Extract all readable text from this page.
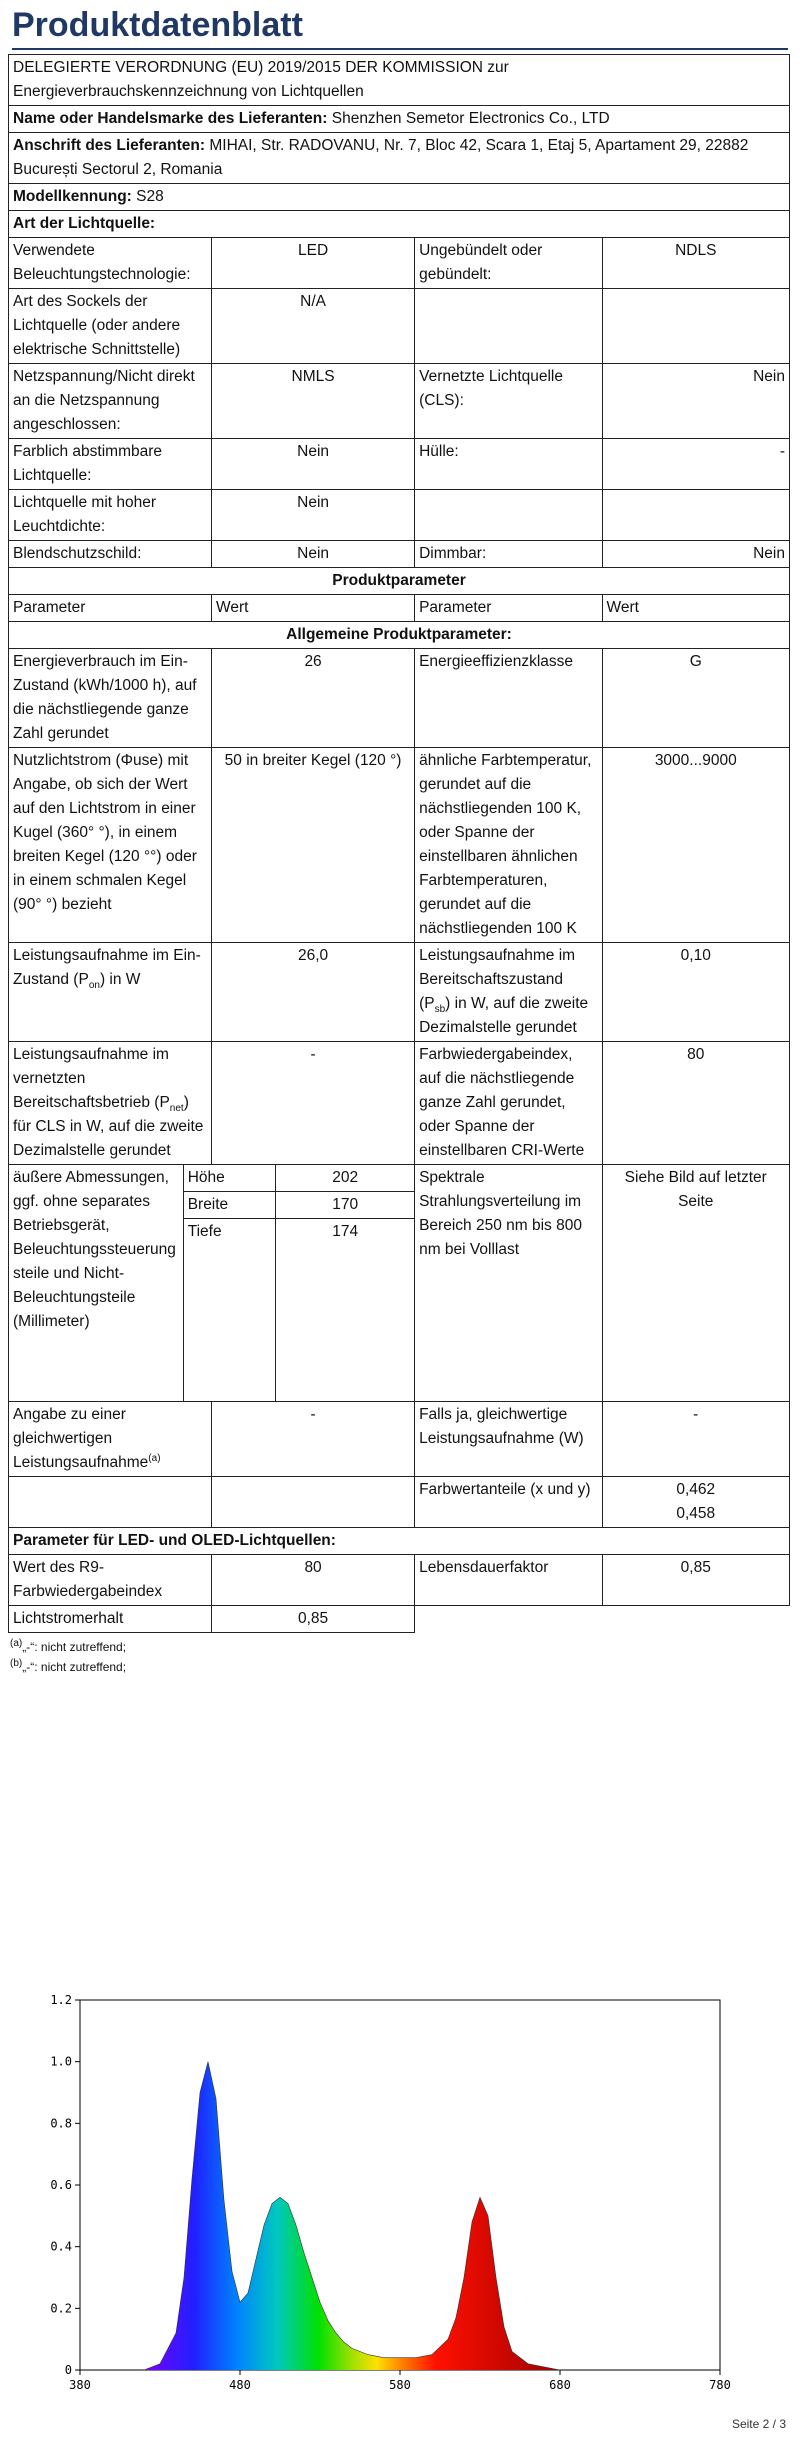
Produktdatenblatt
DELEGIERTE VERORDNUNG (EU) 2019/2015 DER KOMMISSION zur
Energieverbrauchskennzeichnung von Lichtquellen

Name oder Handelsmarke des Lieferanten: Shenzhen Semetor Electronics Co., LTD
Anschrift des Lieferanten: MIHAI, Str. RADOVANU, Nr. 7, Bloc 42, Scara 1, Etaj 5, Apartament 29, 22882 București Sectorul 2, Romania
Modellkennung: S28
Art der Lichtquelle:
Verwendete Beleuchtungstechnologie:	LED	Ungebündelt oder gebündelt:	NDLS
Art des Sockels der Lichtquelle (oder andere elektrische Schnittstelle)	N/A		
Netzspannung/Nicht direkt an die Netzspannung angeschlossen:	NMLS	Vernetzte Lichtquelle (CLS):	Nein
Farblich abstimmbare Lichtquelle:	Nein	Hülle:	-
Lichtquelle mit hoher Leuchtdichte:	Nein		
Blendschutzschild:	Nein	Dimmbar:	Nein
Produktparameter
Parameter	Wert	Parameter	Wert
Allgemeine Produktparameter:
Energieverbrauch im Ein-Zustand (kWh/1000 h), auf die nächstliegende ganze Zahl gerundet	26	Energieeffizienzklasse	G
Nutzlichtstrom (Φuse) mit Angabe, ob sich der Wert auf den Lichtstrom in einer Kugel (360° °), in einem breiten Kegel (120 °°) oder in einem schmalen Kegel (90° °) bezieht	50 in breiter Kegel (120 °)	ähnliche Farbtemperatur, gerundet auf die nächstliegenden 100 K, oder Spanne der einstellbaren ähnlichen Farbtemperaturen, gerundet auf die nächstliegenden 100 K	3000...9000
Leistungsaufnahme im Ein-Zustand $(P_{on})$ in W	26,0	Leistungsaufnahme im Bereitschaftszustand $(P_{sb})$ in W, auf die zweite Dezimalstelle gerundet	0,10
Leistungsaufnahme im vernetzten Bereitschaftsbetrieb $(P_{net})$ für CLS in W, auf die zweite Dezimalstelle gerundet	-	Farbwiedergabeindex, auf die nächstliegende ganze Zahl gerundet, oder Spanne der einstellbaren CRI-Werte	80

äußere Abmessungen, ggf. ohne separates Betriebsgerät, Beleuchtungssteuerungsteile und Nicht-Beleuchtungsteile (Millimeter)	
Höhe	202
Breite	170
Tiefe	174
	Spektrale Strahlungsverteilung im Bereich 250 nm bis 800 nm bei Volllast	Siehe Bild auf letzter Seite
Angabe zu einer gleichwertigen Leistungsaufnahme$^{(a)}$	-	Falls ja, gleichwertige Leistungsaufnahme (W)	-
		Farbwertanteile (x und y)	0,462
0,458

Parameter für LED- und OLED-Lichtquellen:
Wert des R9-Farbwiedergabeindex	80	Lebensdauerfaktor	0,85
Lichtstromerhalt	0,85		
$^{(a)}$„-“: nicht zutreffend;
$^{(b)}$„-“: nicht zutreffend;
0
0.2
0.4
0.6
0.8
1.0
1.2
380	480	580	680	780
Seite 2 / 3
